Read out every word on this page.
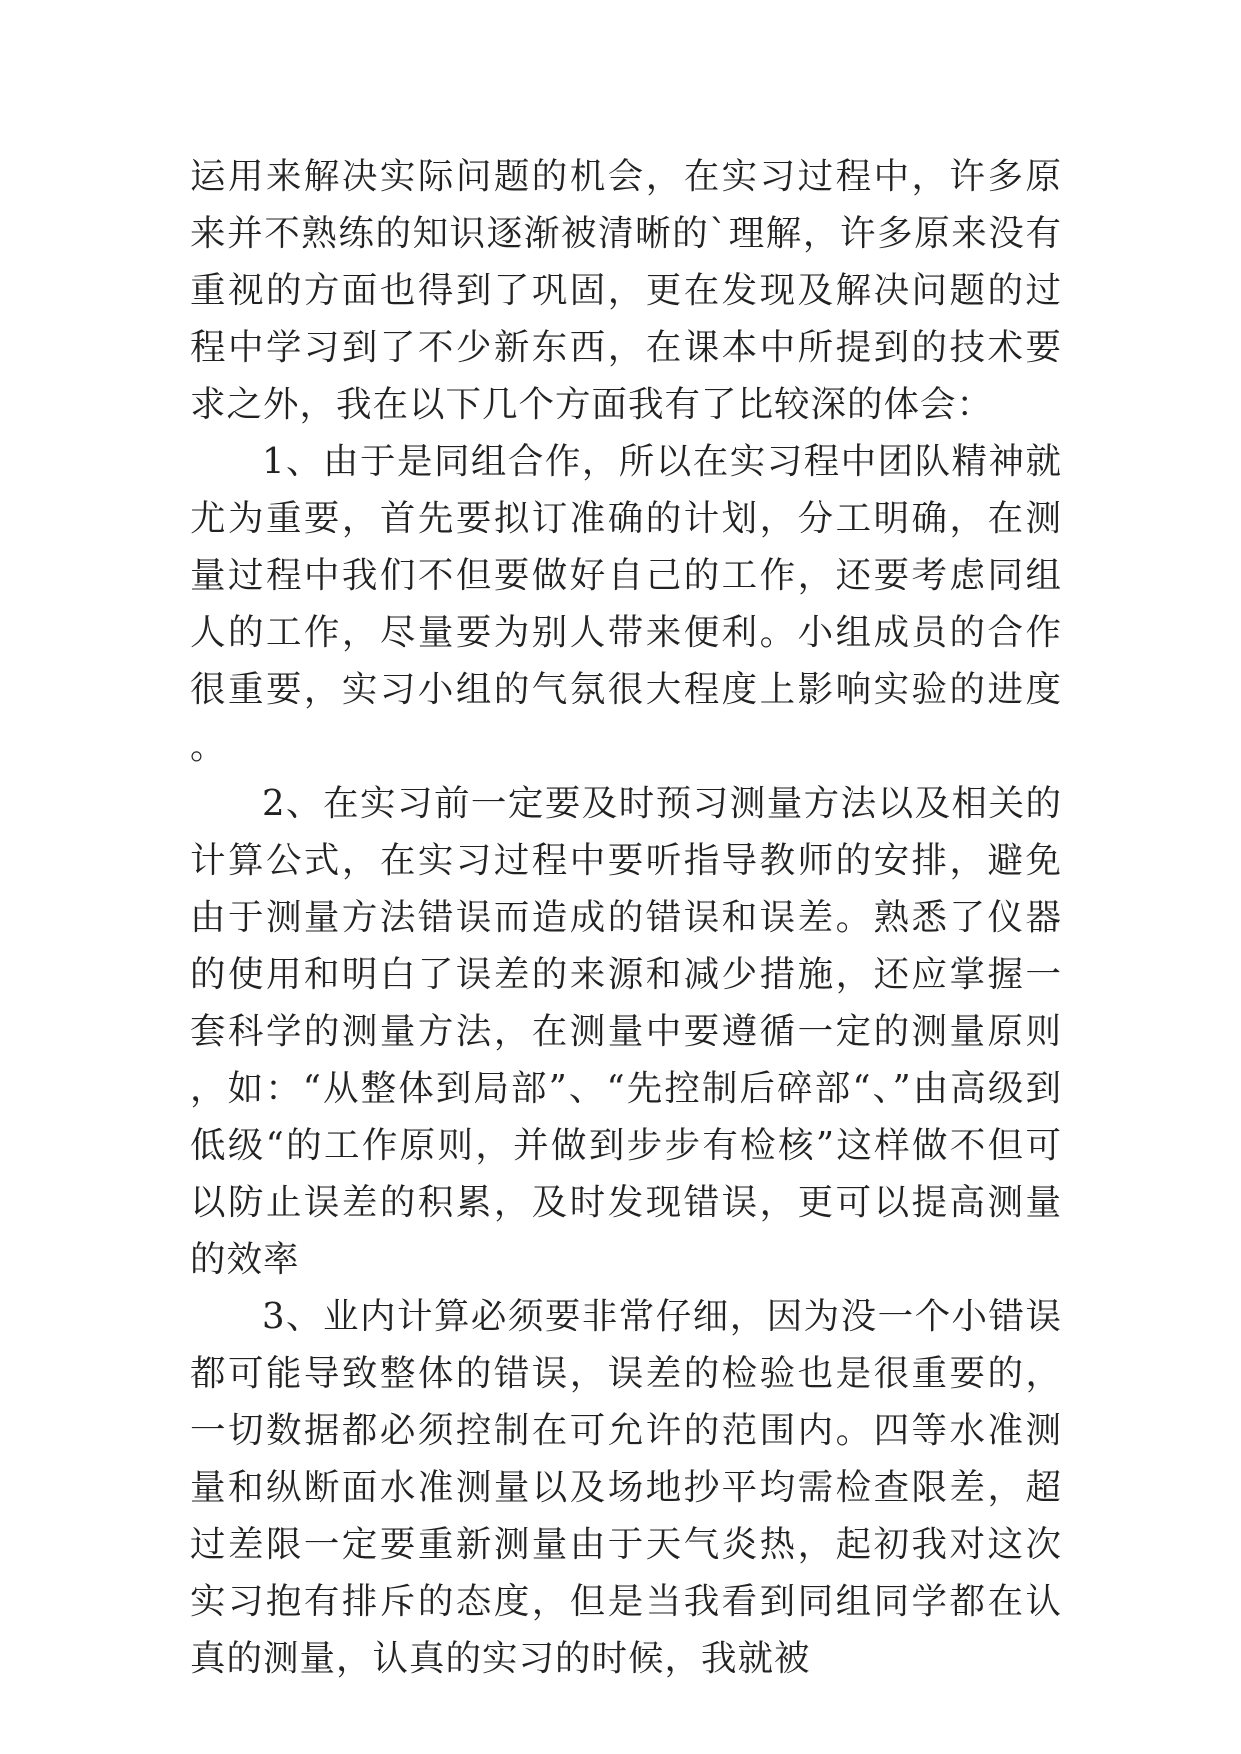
运用来解决实际问题的机会，在实习过程中，许多原来并不熟练的知识逐渐被清晰的`理解，许多原来没有重视的方面也得到了巩固，更在发现及解决问题的过程中学习到了不少新东西，在课本中所提到的技术要求之外，我在以下几个方面我有了比较深的体会：

1、由于是同组合作，所以在实习程中团队精神就尤为重要，首先要拟订准确的计划，分工明确，在测量过程中我们不但要做好自己的工作，还要考虑同组人的工作，尽量要为别人带来便利。小组成员的合作很重要，实习小组的气氛很大程度上影响实验的进度。

2、在实习前一定要及时预习测量方法以及相关的计算公式，在实习过程中要听指导教师的安排，避免由于测量方法错误而造成的错误和误差。熟悉了仪器的使用和明白了误差的来源和减少措施，还应掌握一套科学的测量方法，在测量中要遵循一定的测量原则，如：“从整体到局部”、“先控制后碎部“、”由高级到低级“的工作原则，并做到步步有检核”这样做不但可以防止误差的积累，及时发现错误，更可以提高测量的效率

3、业内计算必须要非常仔细，因为没一个小错误都可能导致整体的错误，误差的检验也是很重要的，一切数据都必须控制在可允许的范围内。四等水准测量和纵断面水准测量以及场地抄平均需检查限差，超过差限一定要重新测量由于天气炎热，起初我对这次实习抱有排斥的态度，但是当我看到同组同学都在认真的测量，认真的实习的时候，我就被
